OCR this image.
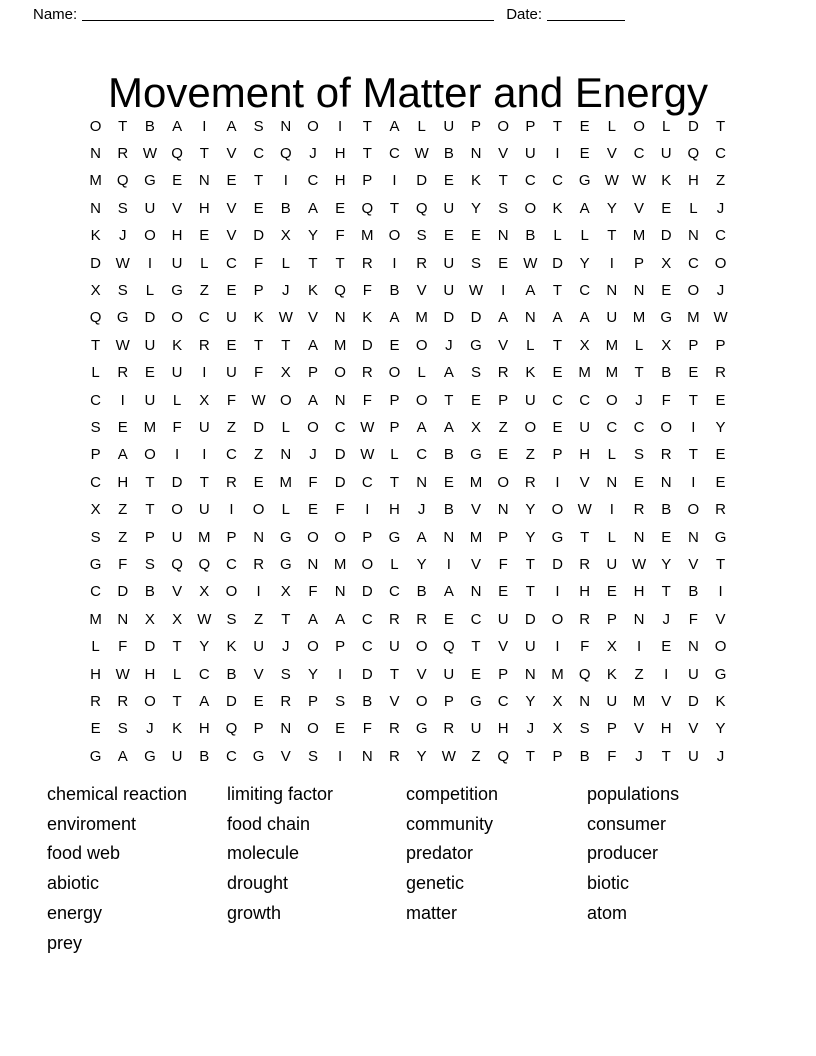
Name:	Date:
Movement of Matter and Energy
O	T	B	A	I	A	S	N	O	I	T	A	L	U	P	O	P	T	E	L	O	L	D	T
N	R W Q	T	V	C	Q	J	H	T	C W	B	N	V	U	I	E	V	C	U	Q	C
M	Q	G	E	N	E	T	I	C	H	P	I	D	E	K	T	C	C	G W W	K	H	Z
N	S	U	V	H	V	E	B	A	E	Q	T	Q	U	Y	S	O	K	A	Y	V	E	L	J
K	J	O	H	E	V	D	X	Y	F	M	O	S	E	E	N	B	L	L	T	M	D	N	C
D W	I	U	L	C	F	L	T	T	R	I	R	U	S	E	W D	Y	I	P	X	C	O
X	S	L	G	Z	E	P	J	K	Q	F	B	V	U W	I	A	T	C	N	N	E	O	J
Q	G	D	O	C	U	K	W	V	N	K	A	M	D	D	A	N	A	A	U	M	G	M W
T	W U	K	R	E	T	T	A	M	D	E	O	J	G	V	L	T	X	M	L	X	P	P
L	R	E	U	I	U	F	X	P	O	R	O	L	A	S	R	K	E	M M	T	B	E	R
C	I	U	L	X	F	W O	A	N	F	P	O	T	E	P	U	C	C	O	J	F	T	E
S	E	M	F	U	Z	D	L	O	C W	P	A	A	X	Z	O	E	U	C	C	O	I	Y
P	A	O	I	I	C	Z	N	J	D W	L	C	B	G	E	Z	P	H	L	S	R	T	E
C	H	T	D	T	R	E	M	F	D	C	T	N	E	M	O	R	I	V	N	E	N	I	E
X	Z	T	O	U	I	O	L	E	F	I	H	J	B	V	N	Y	O W	I	R	B	O	R
S	Z	P	U	M	P	N	G	O	O	P	G	A	N	M	P	Y	G	T	L	N	E	N	G
G	F	S	Q	Q	C	R	G	N	M	O	L	Y	I	V	F	T	D	R	U W	Y	V	T
C	D	B	V	X	O	I	X	F	N	D	C	B	A	N	E	T	I	H	E	H	T	B	I
M	N	X	X	W	S	Z	T	A	A	C	R	R	E	C	U	D	O	R	P	N	J	F	V
L	F	D	T	Y	K	U	J	O	P	C	U	O	Q	T	V	U	I	F	X	I	E	N	O
H W H	L	C	B	V	S	Y	I	D	T	V	U	E	P	N	M	Q	K	Z	I	U	G
R	R	O	T	A	D	E	R	P	S	B	V	O	P	G	C	Y	X	N	U	M	V	D	K
E	S	J	K	H	Q	P	N	O	E	F	R	G	R	U	H	J	X	S	P	V	H	V	Y
G	A	G	U	B	C	G	V	S	I	N	R	Y	W	Z	Q	T	P	B	F	J	T	U	J
chemical reaction
enviroment
food web
abiotic
energy
prey
limiting factor
food chain
molecule
drought
growth
competition
community
predator
genetic
matter
populations
consumer
producer
biotic
atom
